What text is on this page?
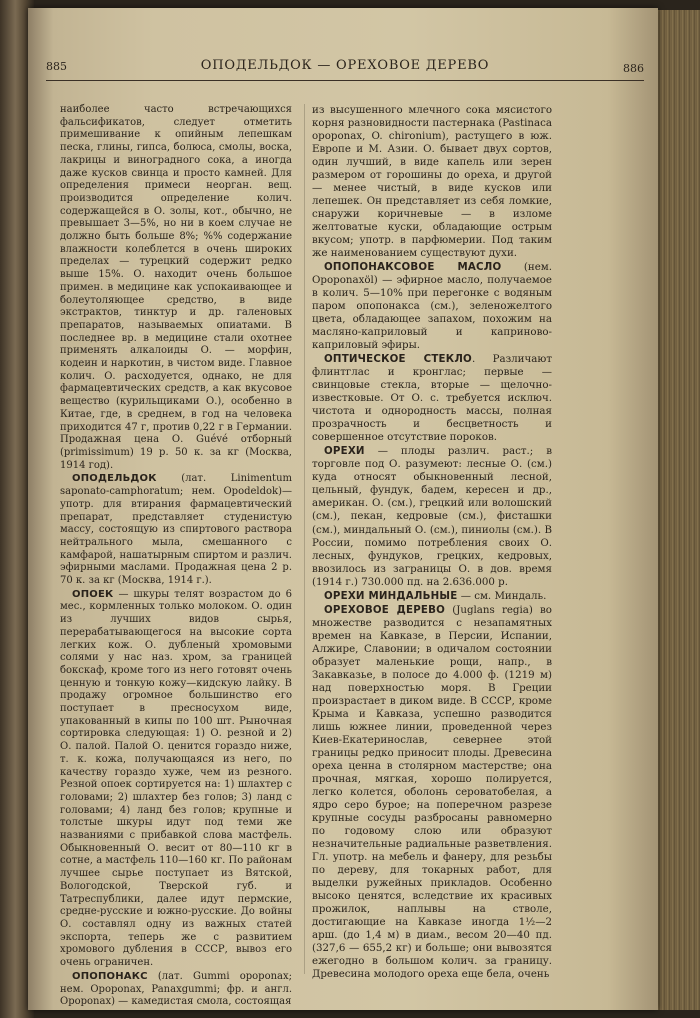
885	ОПОДЕЛЬДОК — ОРЕХОВОЕ ДЕРЕВО	886

наиболее часто встречающихся фальсификатов, следует отметить примешивание к опийным лепешкам песка, глины, гипса, болюса, смолы, воска, лакрицы и виноградного сока, а иногда даже кусков свинца и просто камней. Для определения примеси неорган. вещ. производится определение колич. содержащейся в О. золы, кот., обычно, не превышает 3—5%, но ни в коем случае не должно быть больше 8%; %% содержание влажности колеблется в очень широких пределах — турецкий содержит редко выше 15%. О. находит очень большое примен. в медицине как успокаивающее и болеутоляющее средство, в виде экстрактов, тинктур и др. галеновых препаратов, называемых опиатами. В последнее вр. в медицине стали охотнее применять алкалоиды О. — морфин, кодеин и наркотин, в чистом виде. Главное колич. О. расходуется, однако, не для фармацевтических средств, а как вкусовое вещество (курильщиками О.), особенно в Китае, где, в среднем, в год на человека приходится 47 г, против 0,22 г в Германии. Продажная цена О. Guévé отборный (primissimum) 19 р. 50 к. за кг (Москва, 1914 год).

ОПОДЕЛЬДОК (лат. Linimentum saponato-camphoratum; нем. Opodeldok)—употр. для втирания фармацевтический препарат, представляет студенистую массу, состоящую из спиртового раствора нейтрального мыла, смешанного с камфарой, нашатырным спиртом и различ. эфирными маслами. Продажная цена 2 р. 70 к. за кг (Москва, 1914 г.).

ОПОЕК — шкуры телят возрастом до 6 мес., кормленных только молоком. О. один из лучших видов сырья, перерабатывающегося на высокие сорта легких кож. О. дубленый хромовыми солями у нас наз. хром, за границей бокскаф, кроме того из него готовят очень ценную и тонкую кожу—кидскую лайку. В продажу огромное большинство его поступает в пресносухом виде, упакованный в кипы по 100 шт. Рыночная сортировка следующая: 1) О. резной и 2) О. палой. Палой О. ценится гораздо ниже, т. к. кожа, получающаяся из него, по качеству гораздо хуже, чем из резного. Резной опоек сортируется на: 1) шлахтер с головами; 2) шлахтер без голов; 3) ланд с головами; 4) ланд без голов; крупные и толстые шкуры идут под теми же названиями с прибавкой слова мастфель. Обыкновенный О. весит от 80—110 кг в сотне, а мастфель 110—160 кг. По районам лучшее сырье поступает из Вятской, Вологодской, Тверской губ. и Татреспублики, далее идут пермские, средне-русские и южно-русские. До войны О. составлял одну из важных статей экспорта, теперь же с развитием хромового дубления в СССР, вывоз его очень ограничен.

ОПОПОНАКС (лат. Gummi opoponax; нем. Opoponax, Panaxgummi; фр. и англ. Opoponax) — камедистая смола, состоящая

из высушенного млечного сока мясистого корня разновидности пастернака (Pastinaca opoponax, O. chironium), растущего в юж. Европе и М. Азии. О. бывает двух сортов, один лучший, в виде капель или зерен размером от горошины до ореха, и другой — менее чистый, в виде кусков или лепешек. Он представляет из себя ломкие, снаружи коричневые — в изломе желтоватые куски, обладающие острым вкусом; употр. в парфюмерии. Под таким же наименованием существуют духи.

ОПОПОНАКСОВОЕ МАСЛО (нем. Opoponaxöl) — эфирное масло, получаемое в колич. 5—10% при перегонке с водяным паром опопонакса (см.), зеленожелтого цвета, обладающее запахом, похожим на масляно-каприловый и каприново-каприловый эфиры.

ОПТИЧЕСКОЕ СТЕКЛО. Различают флинтглас и кронглас; первые — свинцовые стекла, вторые — щелочно-известковые. От О. с. требуется исключ. чистота и однородность массы, полная прозрачность и бесцветность и совершенное отсутствие пороков.

ОРЕХИ — плоды различ. раст.; в торговле под О. разумеют: лесные О. (см.) куда относят обыкновенный лесной, цельный, фундук, бадем, кересен и др., американ. О. (см.), грецкий или волошский (см.), пекан, кедровые (см.), фисташки (см.), миндальный О. (см.), пиниолы (см.). В России, помимо потребления своих О. лесных, фундуков, грецких, кедровых, ввозилось из заграницы О. в дов. время (1914 г.) 730.000 пд. на 2.636.000 р.

ОРЕХИ МИНДАЛЬНЫЕ — см. Миндаль.

ОРЕХОВОЕ ДЕРЕВО (Juglans regia) во множестве разводится с незапамятных времен на Кавказе, в Персии, Испании, Алжире, Славонии; в одичалом состоянии образует маленькие рощи, напр., в Закавказье, в полосе до 4.000 ф. (1219 м) над поверхностью моря. В Греции произрастает в диком виде. В СССР, кроме Крыма и Кавказа, успешно разводится лишь южнее линии, проведенной через Киев-Екатеринослав, севернее этой границы редко приносит плоды. Древесина ореха ценна в столярном мастерстве; она прочная, мягкая, хорошо полируется, легко колется, оболонь сероватобелая, а ядро серо бурое; на поперечном разрезе крупные сосуды разбросаны равномерно по годовому слою или образуют незначительные радиальные разветвления. Гл. употр. на мебель и фанеру, для резьбы по дереву, для токарных работ, для выделки ружейных прикладов. Особенно высоко ценятся, вследствие их красивых прожилок, наплывы на стволе, достигающие на Кавказе иногда 1½—2 арш. (до 1,4 м) в диам., весом 20—40 пд. (327,6 — 655,2 кг) и больше; они вывозятся ежегодно в большом колич. за границу. Древесина молодого ореха еще бела, очень
